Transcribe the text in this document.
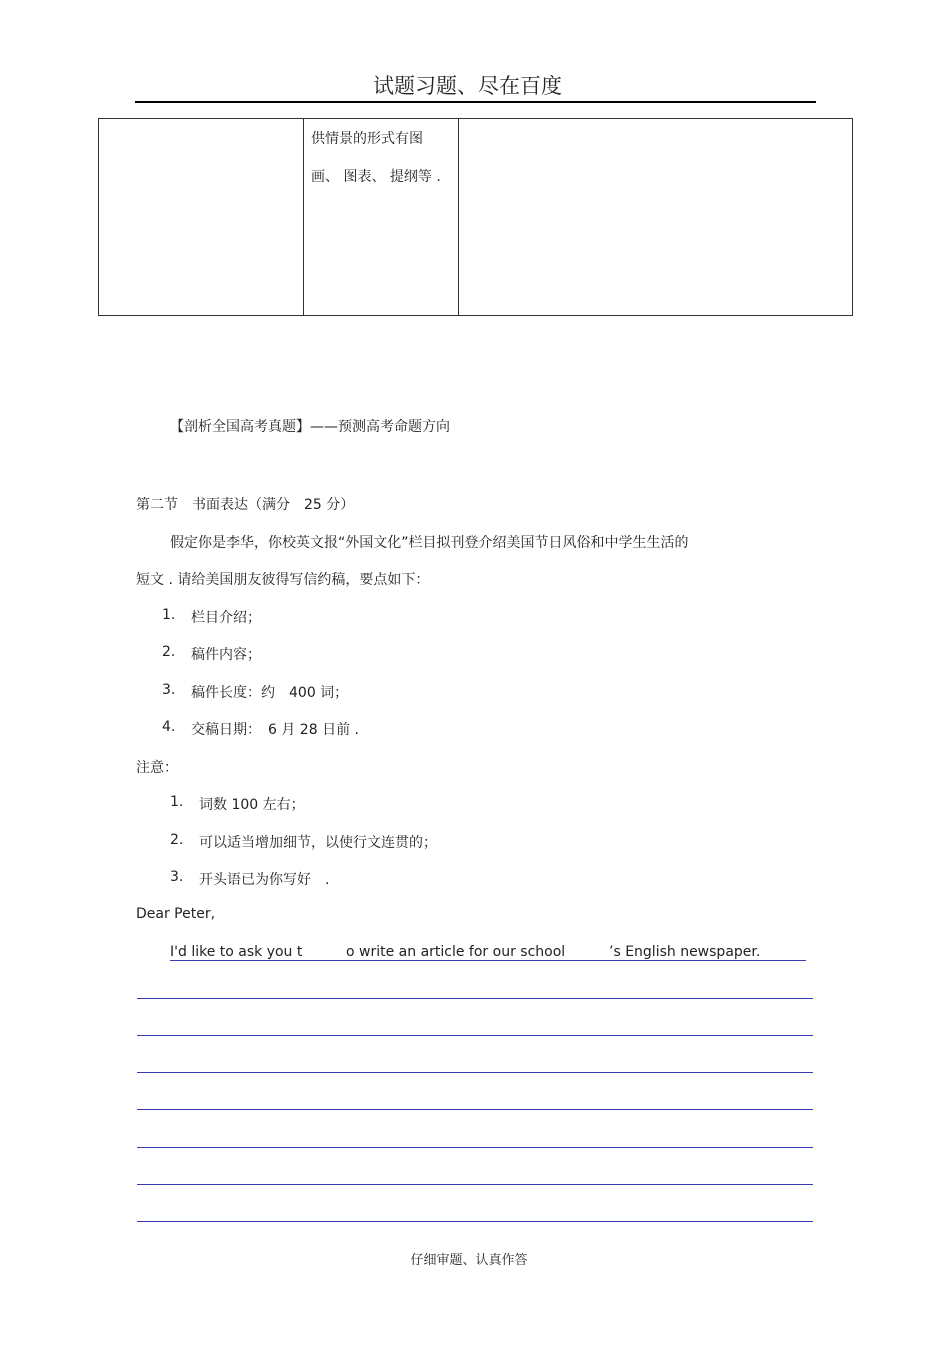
试题习题、尽在百度
供情景的形式有图
画、 图表、 提纲等 .
【剖析全国高考真题】——预测高考命题方向
第二节　书面表达（满分　25 分）
假定你是李华，你校英文报“外国文化”栏目拟刊登介绍美国节日风俗和中学生生活的
短文 . 请给美国朋友彼得写信约稿，要点如下：
1. 栏目介绍；
2. 稿件内容；
3. 稿件长度：约　400 词；
4. 交稿日期：　6 月 28 日前 .
注意：
1. 词数 100 左右；
2. 可以适当增加细节，以使行文连贯的；
3. 开头语已为你写好　.
Dear Peter,
I'd like to ask you t	o write an article for our school	’s English newspaper.
仔细审题、认真作答
